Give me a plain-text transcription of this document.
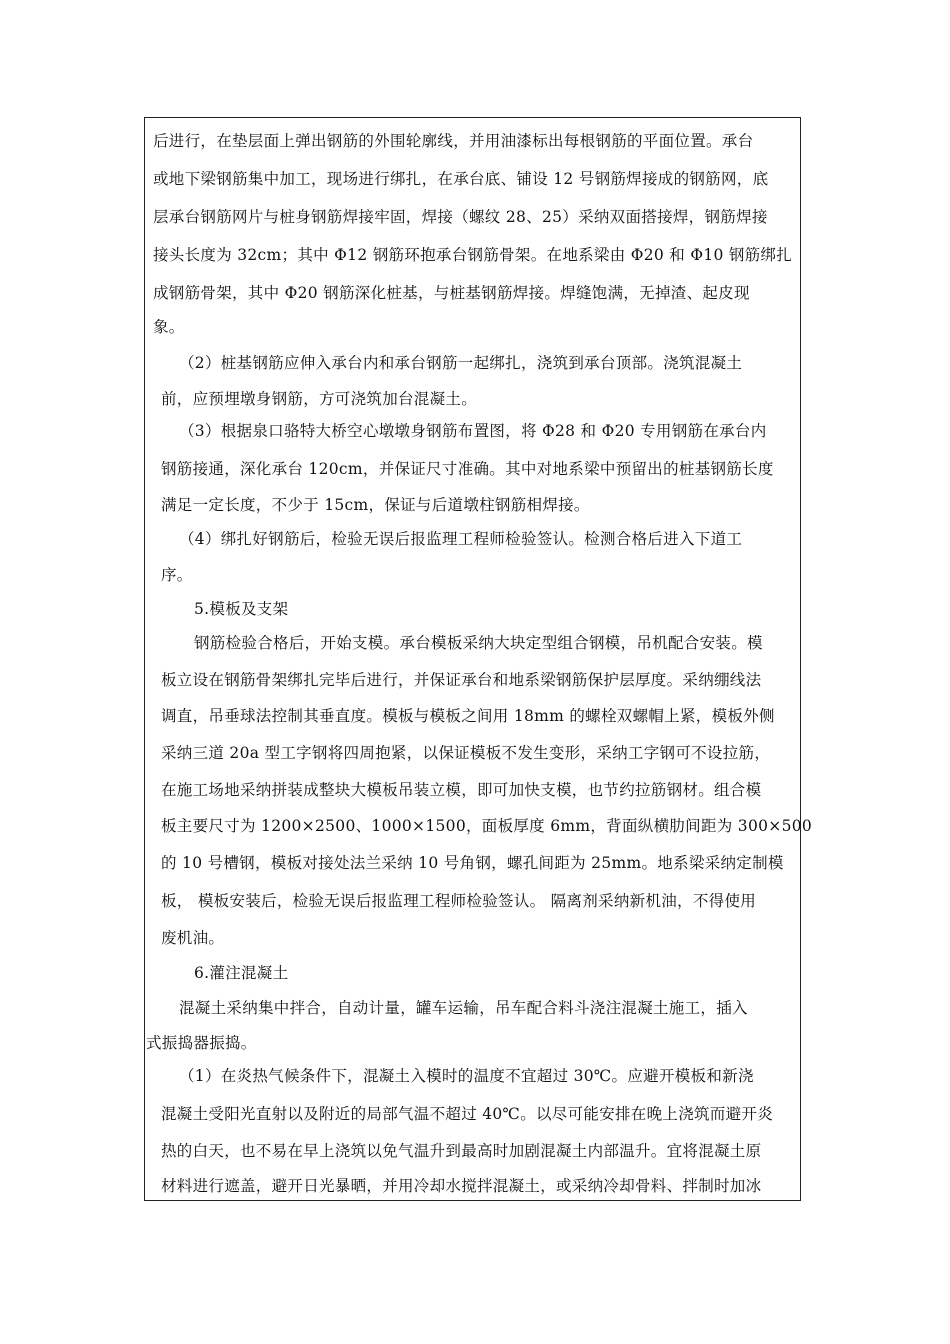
后进行，在垫层面上弹出钢筋的外围轮廓线，并用油漆标出每根钢筋的平面位置。承台
或地下梁钢筋集中加工，现场进行绑扎，在承台底、铺设 12 号钢筋焊接成的钢筋网，底
层承台钢筋网片与桩身钢筋焊接牢固，焊接（螺纹 28、25）采纳双面搭接焊，钢筋焊接
接头长度为 32cm；其中 Φ12 钢筋环抱承台钢筋骨架。在地系梁由 Φ20 和 Φ10 钢筋绑扎
成钢筋骨架，其中 Φ20 钢筋深化桩基，与桩基钢筋焊接。焊缝饱满，无掉渣、起皮现
象。
（2）桩基钢筋应伸入承台内和承台钢筋一起绑扎，浇筑到承台顶部。浇筑混凝土
前，应预埋墩身钢筋，方可浇筑加台混凝土。
（3）根据泉口骆特大桥空心墩墩身钢筋布置图，将 Φ28 和 Φ20 专用钢筋在承台内
钢筋接通，深化承台 120cm，并保证尺寸准确。其中对地系梁中预留出的桩基钢筋长度
满足一定长度，不少于 15cm，保证与后道墩柱钢筋相焊接。
（4）绑扎好钢筋后，检验无误后报监理工程师检验签认。检测合格后进入下道工
序。
5.模板及支架
钢筋检验合格后，开始支模。承台模板采纳大块定型组合钢模，吊机配合安装。模
板立设在钢筋骨架绑扎完毕后进行，并保证承台和地系梁钢筋保护层厚度。采纳绷线法
调直，吊垂球法控制其垂直度。模板与模板之间用 18mm 的螺栓双螺帽上紧，模板外侧
采纳三道 20a 型工字钢将四周抱紧，以保证模板不发生变形，采纳工字钢可不设拉筋，
在施工场地采纳拼装成整块大模板吊装立模，即可加快支模，也节约拉筋钢材。组合模
板主要尺寸为 1200×2500、1000×1500，面板厚度 6mm，背面纵横肋间距为 300×500
的 10 号槽钢，模板对接处法兰采纳 10 号角钢，螺孔间距为 25mm。地系梁采纳定制模
板， 模板安装后，检验无误后报监理工程师检验签认。 隔离剂采纳新机油，不得使用
废机油。
6.灌注混凝土
混凝土采纳集中拌合，自动计量，罐车运输，吊车配合料斗浇注混凝土施工，插入
式振捣器振捣。
（1）在炎热气候条件下，混凝土入模时的温度不宜超过 30℃。应避开模板和新浇
混凝土受阳光直射以及附近的局部气温不超过 40℃。以尽可能安排在晚上浇筑而避开炎
热的白天，也不易在早上浇筑以免气温升到最高时加剧混凝土内部温升。宜将混凝土原
材料进行遮盖，避开日光暴晒，并用冷却水搅拌混凝土，或采纳冷却骨料、拌制时加冰
